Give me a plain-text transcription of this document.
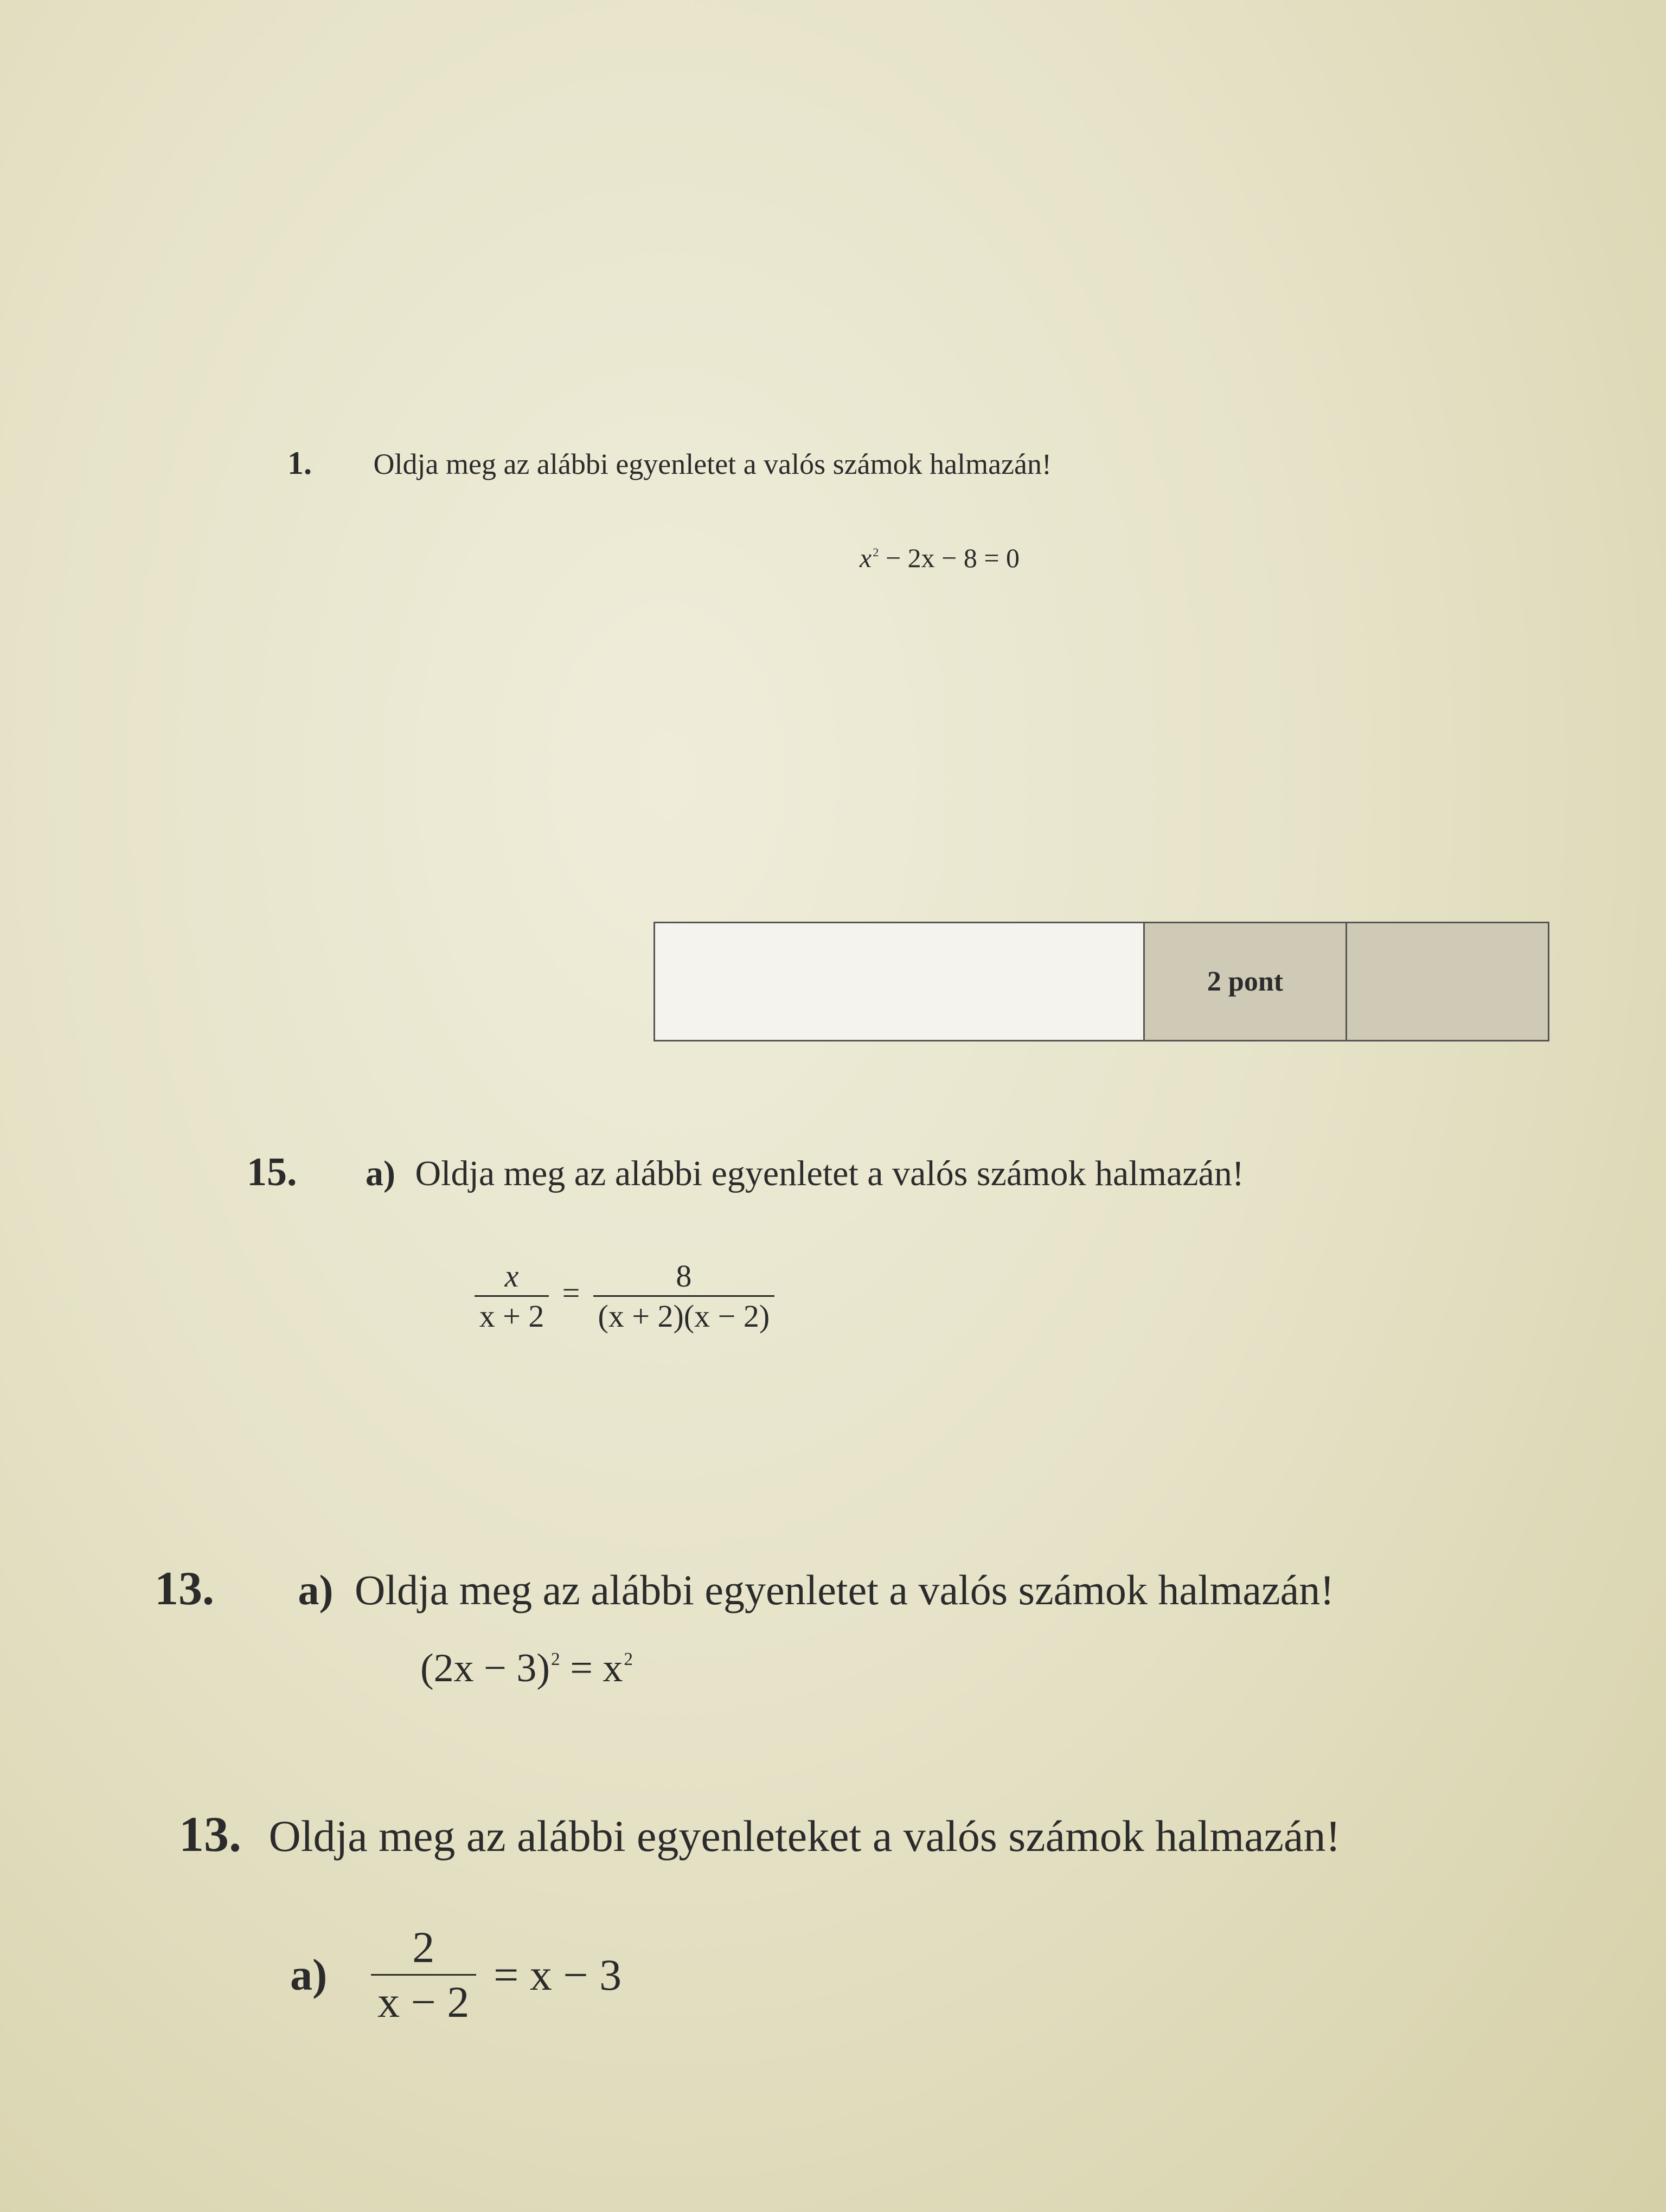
1. Oldja meg az alábbi egyenletet a valós számok halmazán!
$x^2 - 2x - 8 = 0$
	2 pont	
15. a) Oldja meg az alábbi egyenletet a valós számok halmazán!
$\frac{x}{x + 2} = \frac{8}{(x + 2)(x - 2)}$
13. a) Oldja meg az alábbi egyenletet a valós számok halmazán!
$(2x - 3)^2 = x^2$
13. Oldja meg az alábbi egyenleteket a valós számok halmazán!
$a) \frac{2}{x - 2} = x - 3$
